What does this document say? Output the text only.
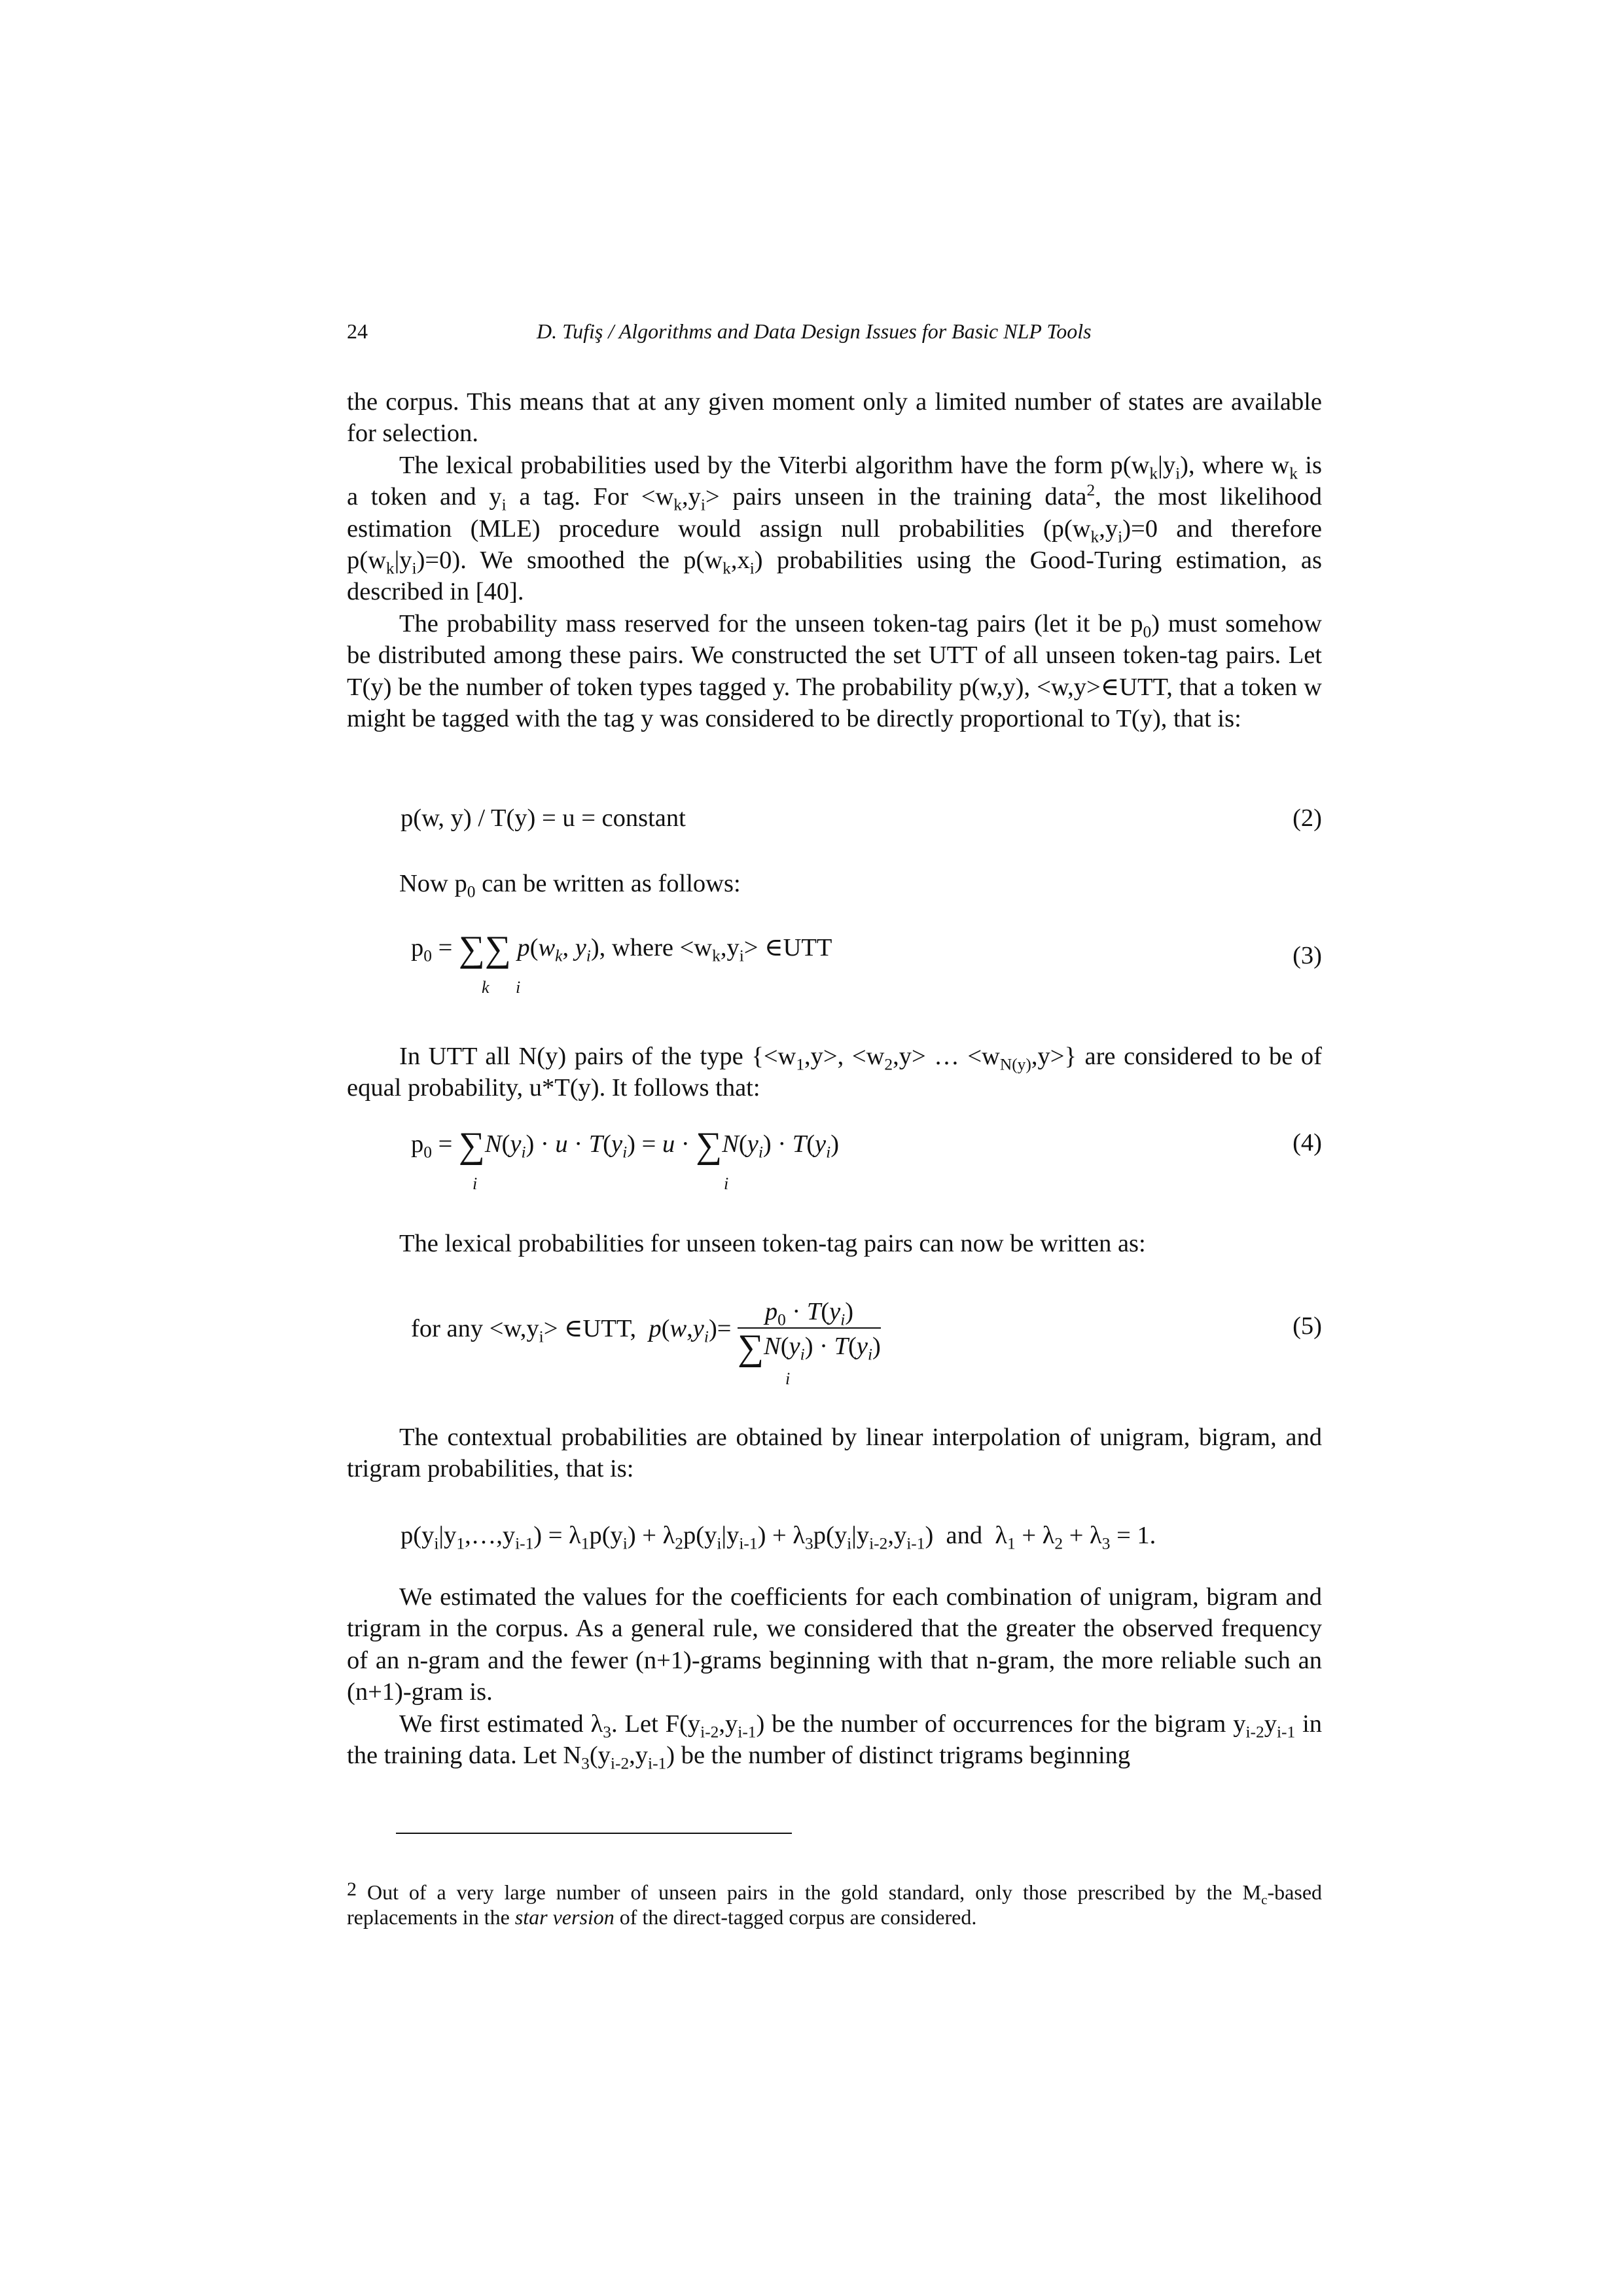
24	D. Tufiş / Algorithms and Data Design Issues for Basic NLP Tools

the corpus. This means that at any given moment only a limited number of states are available for selection.

The lexical probabilities used by the Viterbi algorithm have the form $p(w_k|y_i)$, where $w_k$ is a token and $y_i$ a tag. For $<w_k,y_i>$ pairs unseen in the training data$^2$, the most likelihood estimation (MLE) procedure would assign null probabilities ($p(w_k,y_i)=0$ and therefore $p(w_k|y_i)=0$). We smoothed the $p(w_k,x_i)$ probabilities using the Good-Turing estimation, as described in [40].

The probability mass reserved for the unseen token-tag pairs (let it be $p_0$) must somehow be distributed among these pairs. We constructed the set UTT of all unseen token-tag pairs. Let T(y) be the number of token types tagged y. The probability p(w,y), <w,y>∈UTT, that a token w might be tagged with the tag y was considered to be directly proportional to T(y), that is:

p(w, y) / T(y) = u = constant	(2)
Now $p_0$ can be written as follows:
$p_0$ = ∑∑ $p(w_k$, $y_i$), where $<w_k,y_i>$ ∈UTT
k i
(3)

In UTT all N(y) pairs of the type {$<w_1,y>$, $<w_2,y>$ … $<w_{N(y)},y>$} are considered to be of equal probability, u*T(y). It follows that:

$p_0 = \sum N(y_i) \cdot u \cdot T(y_i) = u \cdot \sum N(y_i) \cdot T(y_i)$
i	i
(4)
The lexical probabilities for unseen token-tag pairs can now be written as:
for any $<w,y_i>$ ∈UTT, $p(w,y_i)= \frac{p_0 \cdot T(y_i)}{\sum N(y_i) \cdot T(y_i)}$
i
(5)

The contextual probabilities are obtained by linear interpolation of unigram, bigram, and trigram probabilities, that is:

$p(y_i|y_1,\dots,y_{i-1}) = \lambda_1p(y_i) + \lambda_2p(y_i|y_{i-1}) + \lambda_3p(y_i|y_{i-2},y_{i-1})$  and  $\lambda_1 + \lambda_2 + \lambda_3 = 1$.

We estimated the values for the coefficients for each combination of unigram, bigram and trigram in the corpus. As a general rule, we considered that the greater the observed frequency of an n-gram and the fewer (n+1)-grams beginning with that n-gram, the more reliable such an (n+1)-gram is.

We first estimated $\lambda_3$. Let $F(y_{i-2},y_{i-1})$ be the number of occurrences for the bigram $y_{i-2}y_{i-1}$ in the training data. Let $N_3(y_{i-2},y_{i-1})$ be the number of distinct trigrams beginning

2 Out of a very large number of unseen pairs in the gold standard, only those prescribed by the $M_c$-based replacements in the star version of the direct-tagged corpus are considered.
